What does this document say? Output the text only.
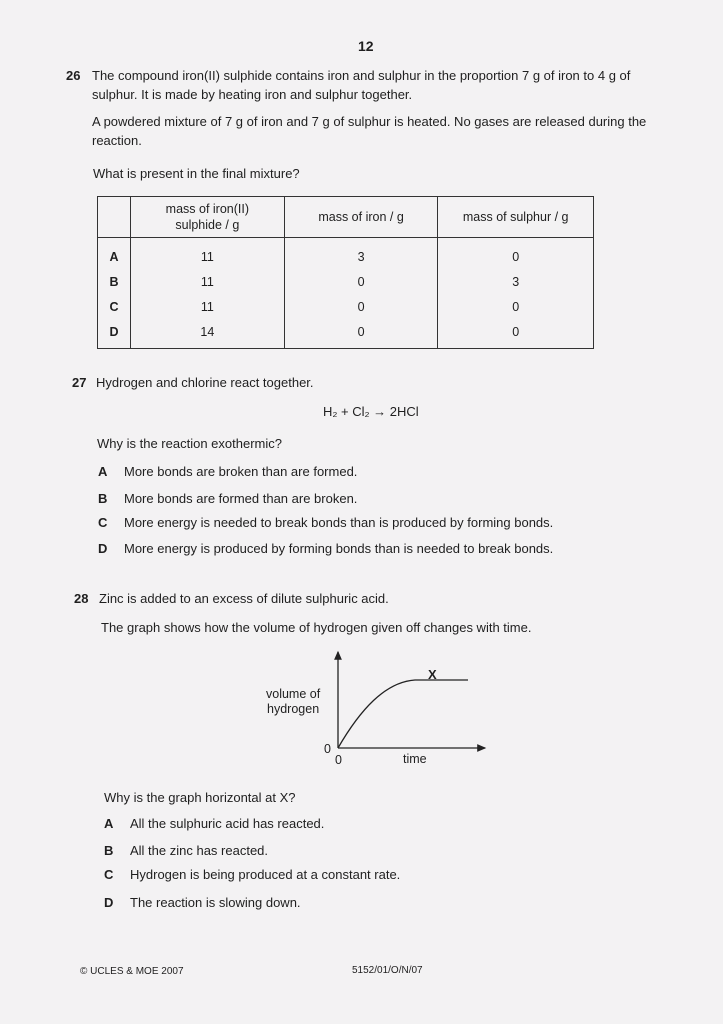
12
26 The compound iron(II) sulphide contains iron and sulphur in the proportion 7 g of iron to 4 g of sulphur. It is made by heating iron and sulphur together.
A powdered mixture of 7 g of iron and 7 g of sulphur is heated. No gases are released during the reaction.
What is present in the final mixture?
	mass of iron(II) sulphide / g	mass of iron / g	mass of sulphur / g
A	11	3	0
B	11	0	3
C	11	0	0
D	14	0	0
27 Hydrogen and chlorine react together.
H₂ + Cl₂ → 2HCl
Why is the reaction exothermic?
A More bonds are broken than are formed.
B More bonds are formed than are broken.
C More energy is needed to break bonds than is produced by forming bonds.
D More energy is produced by forming bonds than is needed to break bonds.
28 Zinc is added to an excess of dilute sulphuric acid.
The graph shows how the volume of hydrogen given off changes with time.
X
volume of
hydrogen
0
0	time
Why is the graph horizontal at X?
A All the sulphuric acid has reacted.
B All the zinc has reacted.
C Hydrogen is being produced at a constant rate.
D The reaction is slowing down.
© UCLES & MOE 2007	5152/01/O/N/07
